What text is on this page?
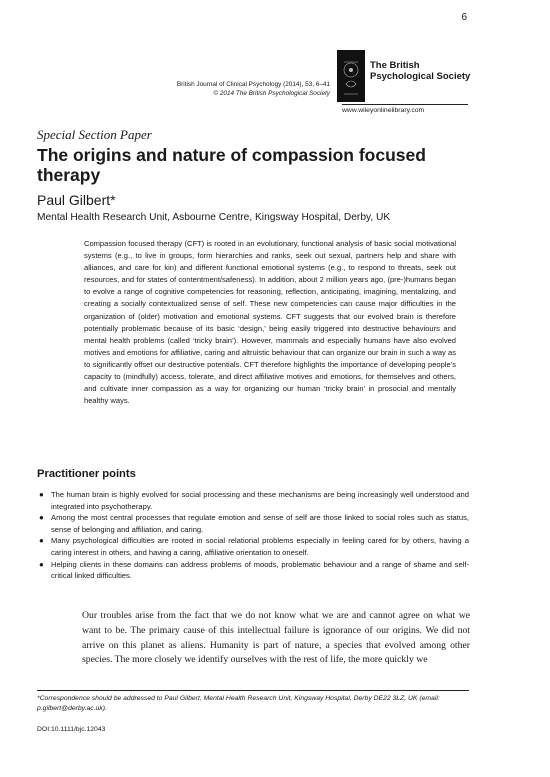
6
British Journal of Clinical Psychology (2014), 53, 6–41
© 2014 The British Psychological Society
The British
Psychological Society
www.wileyonlinelibrary.com
Special Section Paper
The origins and nature of compassion focused therapy
Paul Gilbert*
Mental Health Research Unit, Asbourne Centre, Kingsway Hospital, Derby, UK

Compassion focused therapy (CFT) is rooted in an evolutionary, functional analysis of basic social motivational systems (e.g., to live in groups, form hierarchies and ranks, seek out sexual, partners help and share with alliances, and care for kin) and different functional emotional systems (e.g., to respond to threats, seek out resources, and for states of contentment/safeness). In addition, about 2 million years ago, (pre-)humans began to evolve a range of cognitive competencies for reasoning, reflection, anticipating, imagining, mentalizing, and creating a socially contextualized sense of self. These new competencies can cause major difficulties in the organization of (older) motivation and emotional systems. CFT suggests that our evolved brain is therefore potentially problematic because of its basic ‘design,’ being easily triggered into destructive behaviours and mental health problems (called ‘tricky brain’). However, mammals and especially humans have also evolved motives and emotions for affiliative, caring and altruistic behaviour that can organize our brain in such a way as to significantly offset our destructive potentials. CFT therefore highlights the importance of developing people’s capacity to (mindfully) access, tolerate, and direct affiliative motives and emotions, for themselves and others, and cultivate inner compassion as a way for organizing our human ‘tricky brain’ in prosocial and mentally healthy ways.

Practitioner points
● The human brain is highly evolved for social processing and these mechanisms are being increasingly well understood and integrated into psychotherapy.
● Among the most central processes that regulate emotion and sense of self are those linked to social roles such as status, sense of belonging and affiliation, and caring.
● Many psychological difficulties are rooted in social relational problems especially in feeling cared for by others, having a caring interest in others, and having a caring, affiliative orientation to oneself.
● Helping clients in these domains can address problems of moods, problematic behaviour and a range of shame and self-critical linked difficulties.

Our troubles arise from the fact that we do not know what we are and cannot agree on what we want to be. The primary cause of this intellectual failure is ignorance of our origins. We did not arrive on this planet as aliens. Humanity is part of nature, a species that evolved among other species. The more closely we identify ourselves with the rest of life, the more quickly we

*Correspondence should be addressed to Paul Gilbert, Mental Health Research Unit, Kingsway Hospital, Derby DE22 3LZ, UK (email: p.gilbert@derby.ac.uk).
DOI:10.1111/bjc.12043
